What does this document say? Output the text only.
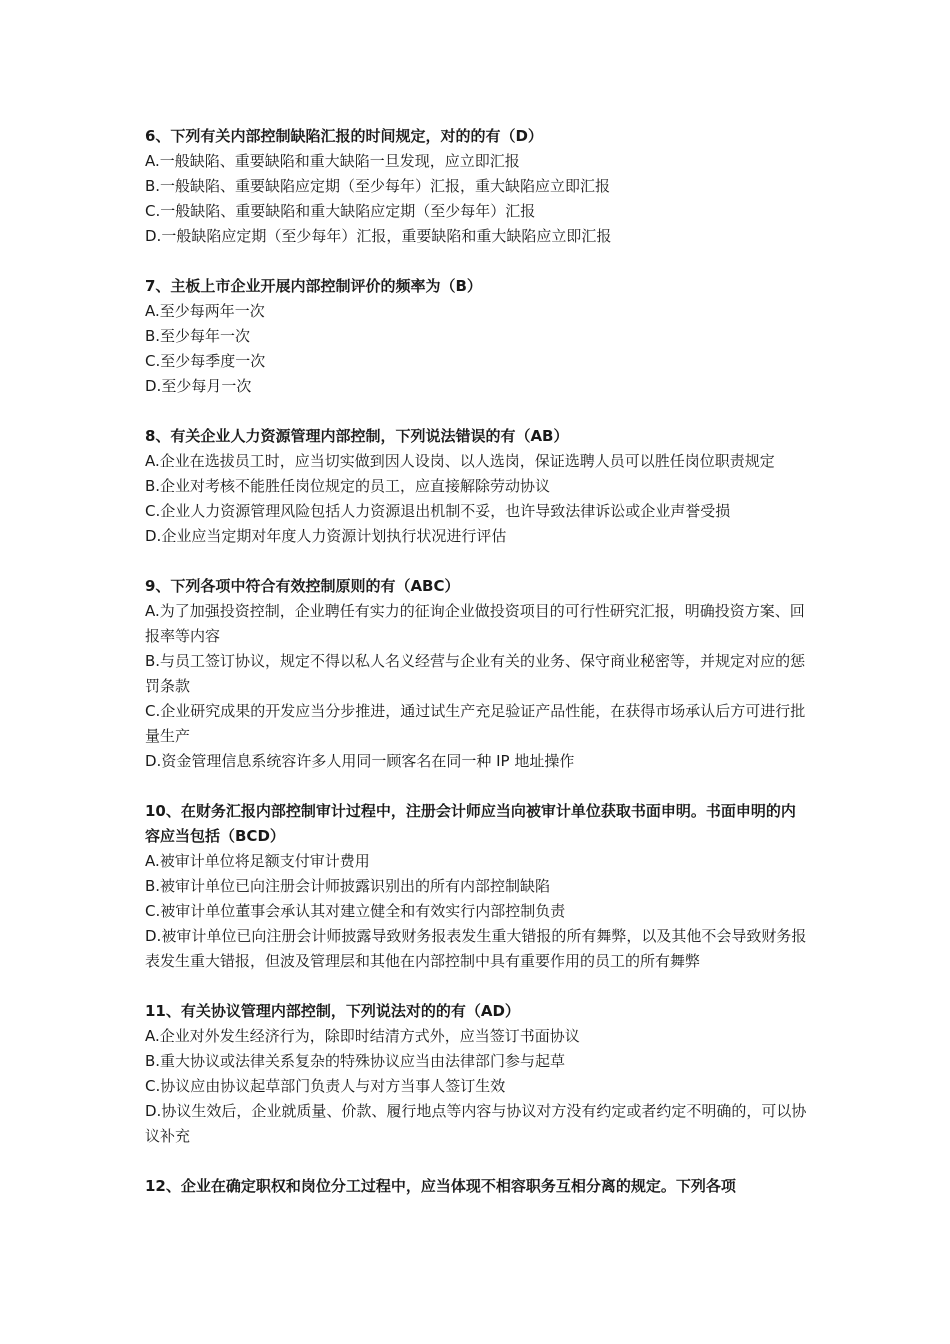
6、下列有关内部控制缺陷汇报的时间规定，对的的有（D）

A.一般缺陷、重要缺陷和重大缺陷一旦发现，应立即汇报

B.一般缺陷、重要缺陷应定期（至少每年）汇报，重大缺陷应立即汇报

C.一般缺陷、重要缺陷和重大缺陷应定期（至少每年）汇报

D.一般缺陷应定期（至少每年）汇报，重要缺陷和重大缺陷应立即汇报

7、主板上市企业开展内部控制评价的频率为（B）

A.至少每两年一次

B.至少每年一次

C.至少每季度一次

D.至少每月一次

8、有关企业人力资源管理内部控制，下列说法错误的有（AB）

A.企业在选拔员工时，应当切实做到因人设岗、以人选岗，保证选聘人员可以胜任岗位职责规定

B.企业对考核不能胜任岗位规定的员工，应直接解除劳动协议

C.企业人力资源管理风险包括人力资源退出机制不妥，也许导致法律诉讼或企业声誉受损

D.企业应当定期对年度人力资源计划执行状况进行评估

9、下列各项中符合有效控制原则的有（ABC）

A.为了加强投资控制，企业聘任有实力的征询企业做投资项目的可行性研究汇报，明确投资方案、回报率等内容

B.与员工签订协议，规定不得以私人名义经营与企业有关的业务、保守商业秘密等，并规定对应的惩罚条款

C.企业研究成果的开发应当分步推进，通过试生产充足验证产品性能，在获得市场承认后方可进行批量生产

D.资金管理信息系统容许多人用同一顾客名在同一种 IP 地址操作

10、在财务汇报内部控制审计过程中，注册会计师应当向被审计单位获取书面申明。书面申明的内容应当包括（BCD）

A.被审计单位将足额支付审计费用

B.被审计单位已向注册会计师披露识别出的所有内部控制缺陷

C.被审计单位董事会承认其对建立健全和有效实行内部控制负责

D.被审计单位已向注册会计师披露导致财务报表发生重大错报的所有舞弊，以及其他不会导致财务报表发生重大错报，但波及管理层和其他在内部控制中具有重要作用的员工的所有舞弊

11、有关协议管理内部控制，下列说法对的的有（AD）

A.企业对外发生经济行为，除即时结清方式外，应当签订书面协议

B.重大协议或法律关系复杂的特殊协议应当由法律部门参与起草

C.协议应由协议起草部门负责人与对方当事人签订生效

D.协议生效后，企业就质量、价款、履行地点等内容与协议对方没有约定或者约定不明确的，可以协议补充

12、企业在确定职权和岗位分工过程中，应当体现不相容职务互相分离的规定。下列各项
